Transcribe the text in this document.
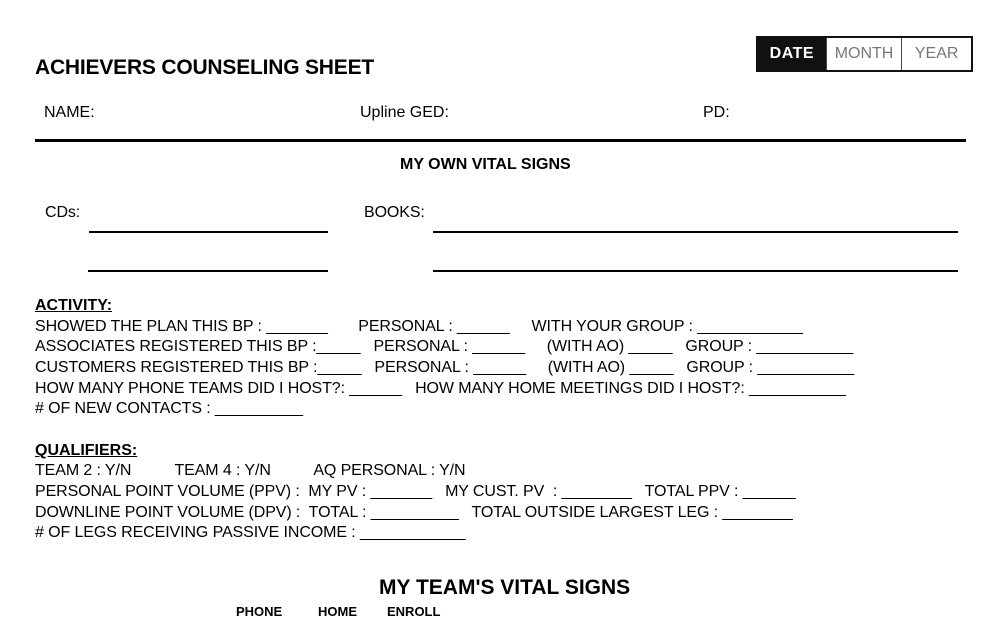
ACHIEVERS COUNSELING SHEET
DATE	MONTH	YEAR
NAME:	Upline GED:	PD:
MY OWN VITAL SIGNS
CDs:	BOOKS:
ACTIVITY:
SHOWED THE PLAN THIS BP : _______       PERSONAL : ______     WITH YOUR GROUP : ____________
ASSOCIATES REGISTERED THIS BP :_____   PERSONAL : ______     (WITH AO) _____   GROUP : ___________
CUSTOMERS REGISTERED THIS BP :_____   PERSONAL : ______     (WITH AO) _____   GROUP : ___________
HOW MANY PHONE TEAMS DID I HOST?: ______   HOW MANY HOME MEETINGS DID I HOST?: ___________
# OF NEW CONTACTS : __________
QUALIFIERS:
TEAM 2 : Y/N          TEAM 4 : Y/N          AQ PERSONAL : Y/N
PERSONAL POINT VOLUME (PPV) :  MY PV : _______   MY CUST. PV  : ________   TOTAL PPV : ______
DOWNLINE POINT VOLUME (DPV) :  TOTAL : __________   TOTAL OUTSIDE LARGEST LEG : ________
# OF LEGS RECEIVING PASSIVE INCOME : ____________
MY TEAM'S VITAL SIGNS
PHONE	HOME ENROLL
